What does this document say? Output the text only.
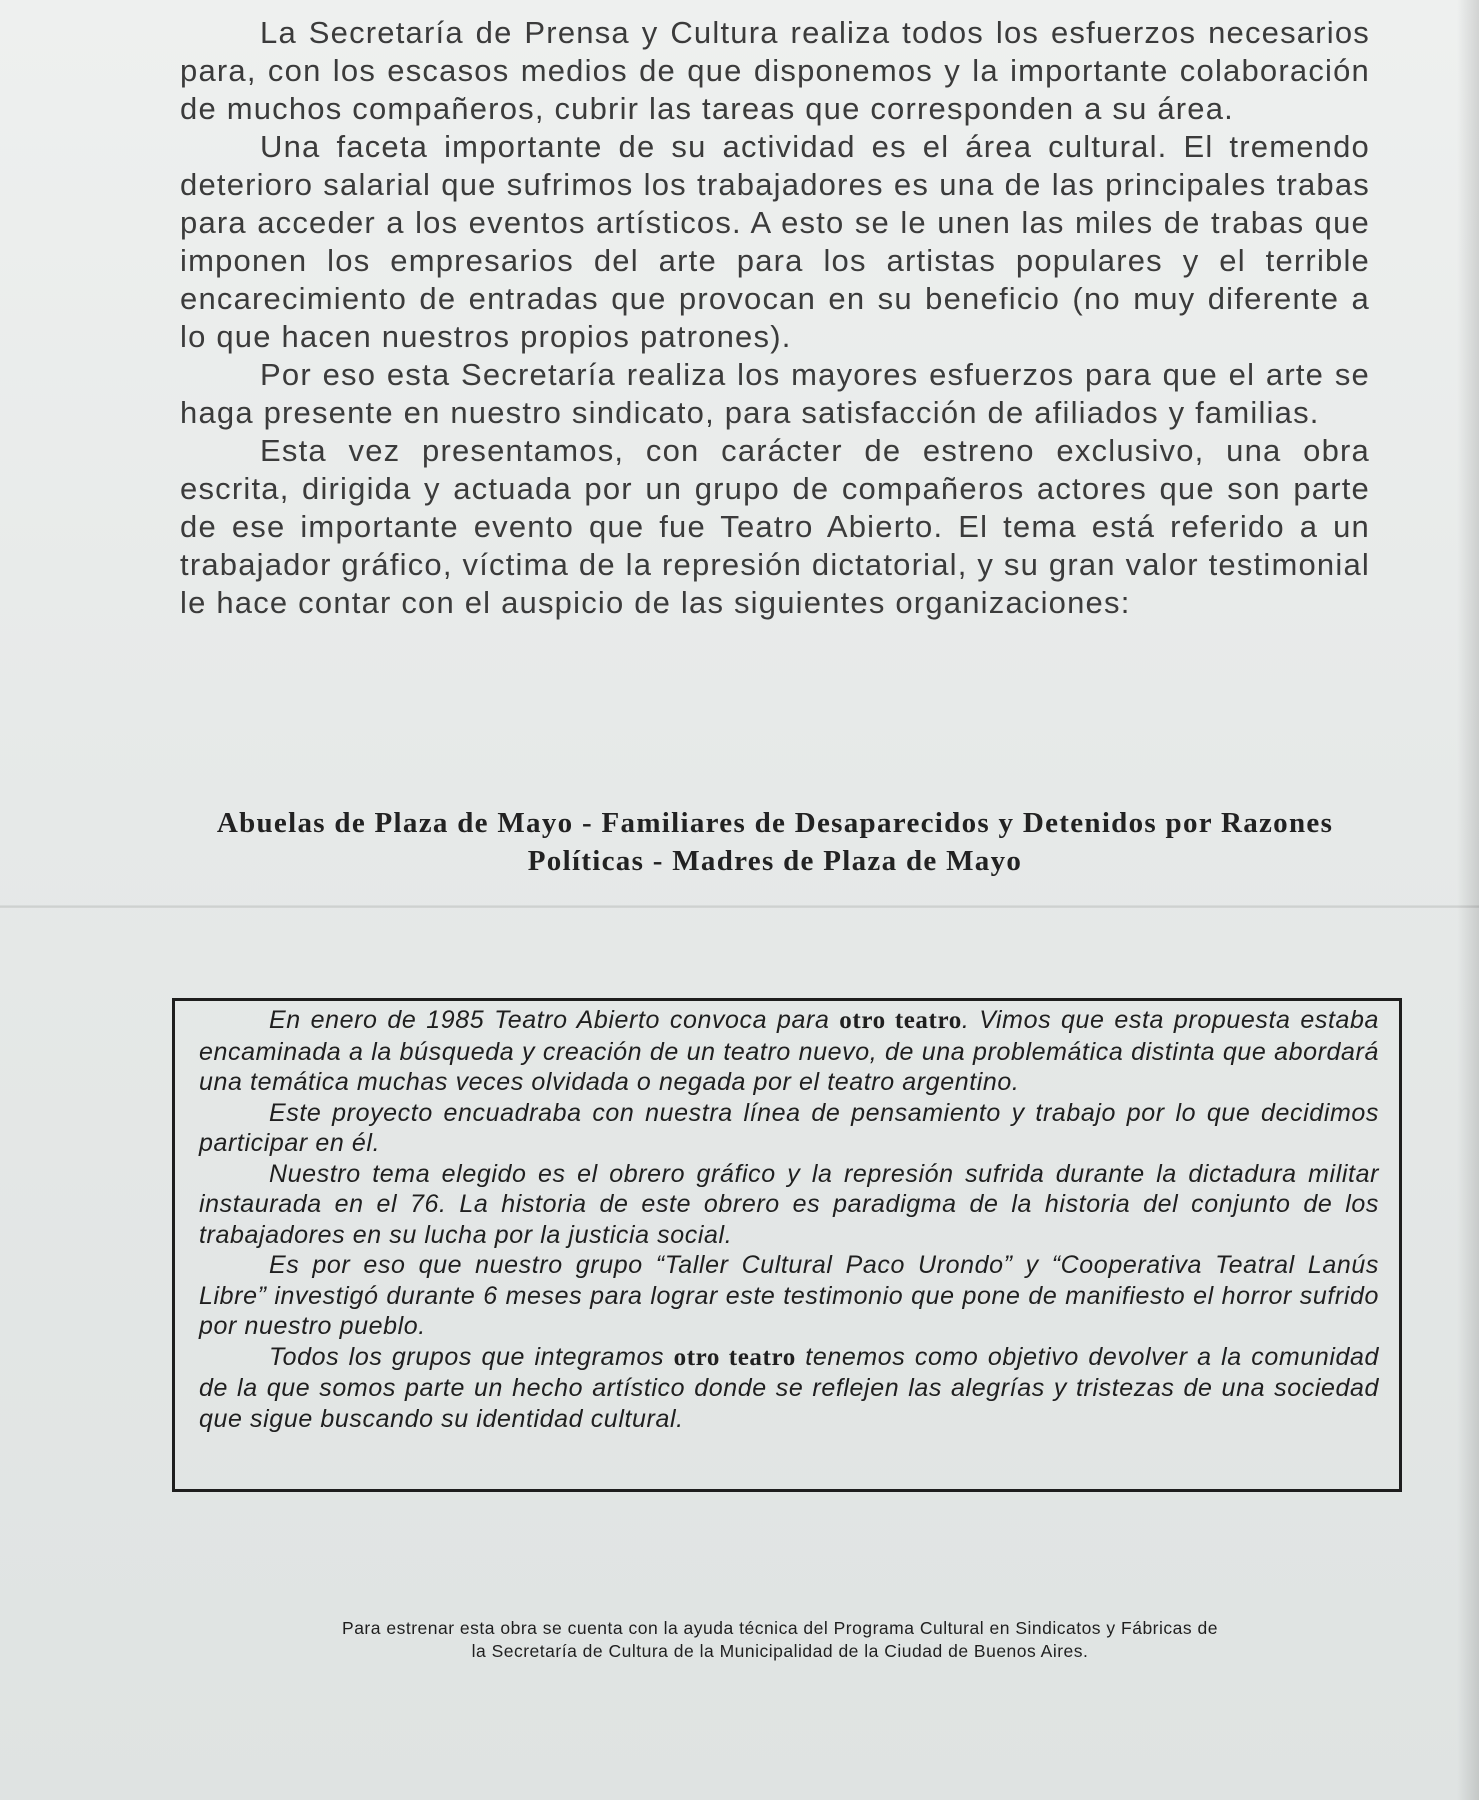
La Secretaría de Prensa y Cultura realiza todos los esfuerzos necesarios para, con los escasos medios de que disponemos y la importante colaboración de muchos compañeros, cubrir las tareas que corresponden a su área.

Una faceta importante de su actividad es el área cultural. El tremendo deterioro salarial que sufrimos los trabajadores es una de las principales trabas para acceder a los eventos artísticos. A esto se le unen las miles de trabas que imponen los empresarios del arte para los artistas populares y el terrible encarecimiento de entradas que provocan en su beneficio (no muy diferente a lo que hacen nuestros propios patrones).

Por eso esta Secretaría realiza los mayores esfuerzos para que el arte se haga presente en nuestro sindicato, para satisfacción de afiliados y familias.

Esta vez presentamos, con carácter de estreno exclusivo, una obra escrita, dirigida y actuada por un grupo de compañeros actores que son parte de ese importante evento que fue Teatro Abierto. El tema está referido a un trabajador gráfico, víctima de la represión dictatorial, y su gran valor testimonial le hace contar con el auspicio de las siguientes organizaciones:

Abuelas de Plaza de Mayo - Familiares de Desaparecidos y Detenidos por Razones Políticas - Madres de Plaza de Mayo

En enero de 1985 Teatro Abierto convoca para otro teatro. Vimos que esta propuesta estaba encaminada a la búsqueda y creación de un teatro nuevo, de una problemática distinta que abordará una temática muchas veces olvidada o negada por el teatro argentino.

Este proyecto encuadraba con nuestra línea de pensamiento y trabajo por lo que decidimos participar en él.

Nuestro tema elegido es el obrero gráfico y la represión sufrida durante la dictadura militar instaurada en el 76. La historia de este obrero es paradigma de la historia del conjunto de los trabajadores en su lucha por la justicia social.

Es por eso que nuestro grupo “Taller Cultural Paco Urondo” y “Cooperativa Teatral Lanús Libre” investigó durante 6 meses para lograr este testimonio que pone de manifiesto el horror sufrido por nuestro pueblo.

Todos los grupos que integramos otro teatro tenemos como objetivo devolver a la comunidad de la que somos parte un hecho artístico donde se reflejen las alegrías y tristezas de una sociedad que sigue buscando su identidad cultural.

Para estrenar esta obra se cuenta con la ayuda técnica del Programa Cultural en Sindicatos y Fábricas de
la Secretaría de Cultura de la Municipalidad de la Ciudad de Buenos Aires.
